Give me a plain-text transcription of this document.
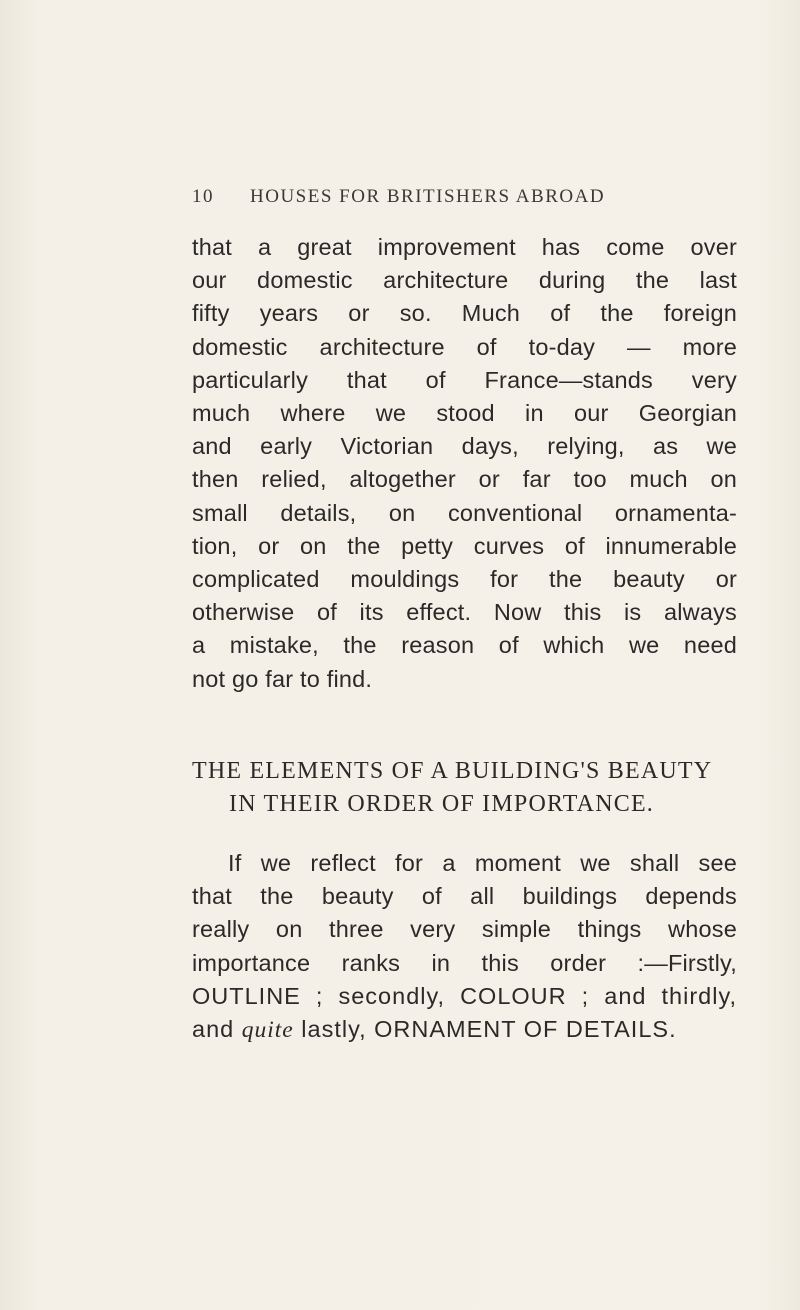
10 HOUSES FOR BRITISHERS ABROAD
that a great improvement has come over
our domestic architecture during the last
fifty years or so. Much of the foreign
domestic architecture of to-day — more
particularly that of France—stands very
much where we stood in our Georgian
and early Victorian days, relying, as we
then relied, altogether or far too much on
small details, on conventional ornamenta-
tion, or on the petty curves of innumerable
complicated mouldings for the beauty or
otherwise of its effect. Now this is always
a mistake, the reason of which we need
not go far to find.
THE ELEMENTS OF A BUILDING'S BEAUTY
IN THEIR ORDER OF IMPORTANCE.
If we reflect for a moment we shall see
that the beauty of all buildings depends
really on three very simple things whose
importance ranks in this order :—Firstly,
OUTLINE ; secondly, COLOUR ; and thirdly,
and quite lastly, ORNAMENT OF DETAILS.
